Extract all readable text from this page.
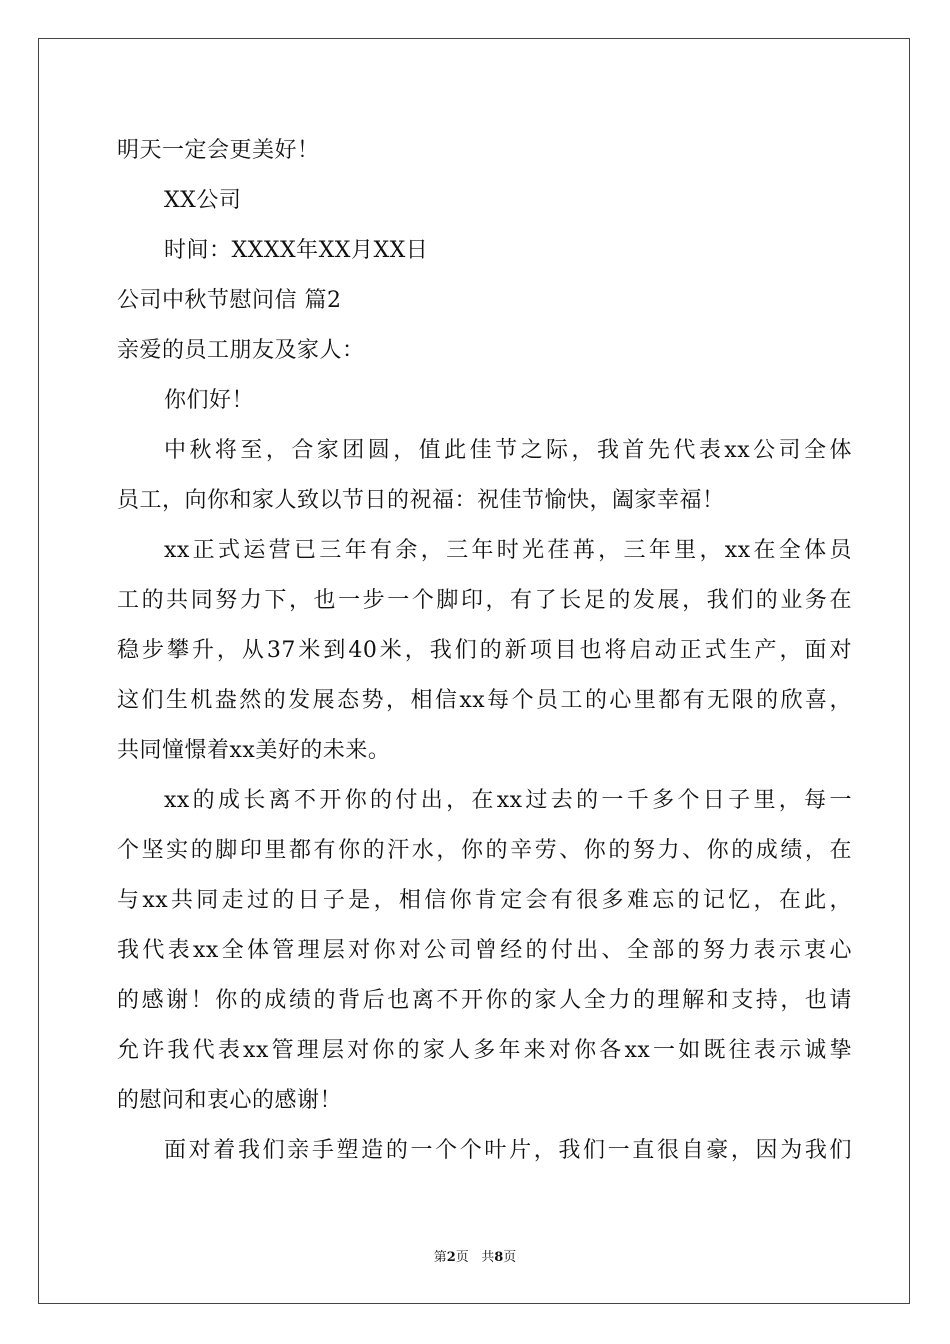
明天一定会更美好！
XX公司
时间：XXXX年XX月XX日
公司中秋节慰问信 篇2
亲爱的员工朋友及家人：
你们好！
中秋将至，合家团圆，值此佳节之际，我首先代表xx公司全体
员工，向你和家人致以节日的祝福：祝佳节愉快，阖家幸福！
xx正式运营已三年有余，三年时光荏苒，三年里，xx在全体员
工的共同努力下，也一步一个脚印，有了长足的发展，我们的业务在
稳步攀升，从37米到40米，我们的新项目也将启动正式生产，面对
这们生机盎然的发展态势，相信xx每个员工的心里都有无限的欣喜，
共同憧憬着xx美好的未来。
xx的成长离不开你的付出，在xx过去的一千多个日子里，每一
个坚实的脚印里都有你的汗水，你的辛劳、你的努力、你的成绩，在
与xx共同走过的日子是，相信你肯定会有很多难忘的记忆，在此，
我代表xx全体管理层对你对公司曾经的付出、全部的努力表示衷心
的感谢！你的成绩的背后也离不开你的家人全力的理解和支持，也请
允许我代表xx管理层对你的家人多年来对你各xx一如既往表示诚挚
的慰问和衷心的感谢！
面对着我们亲手塑造的一个个叶片，我们一直很自豪，因为我们
第2页 共8页
